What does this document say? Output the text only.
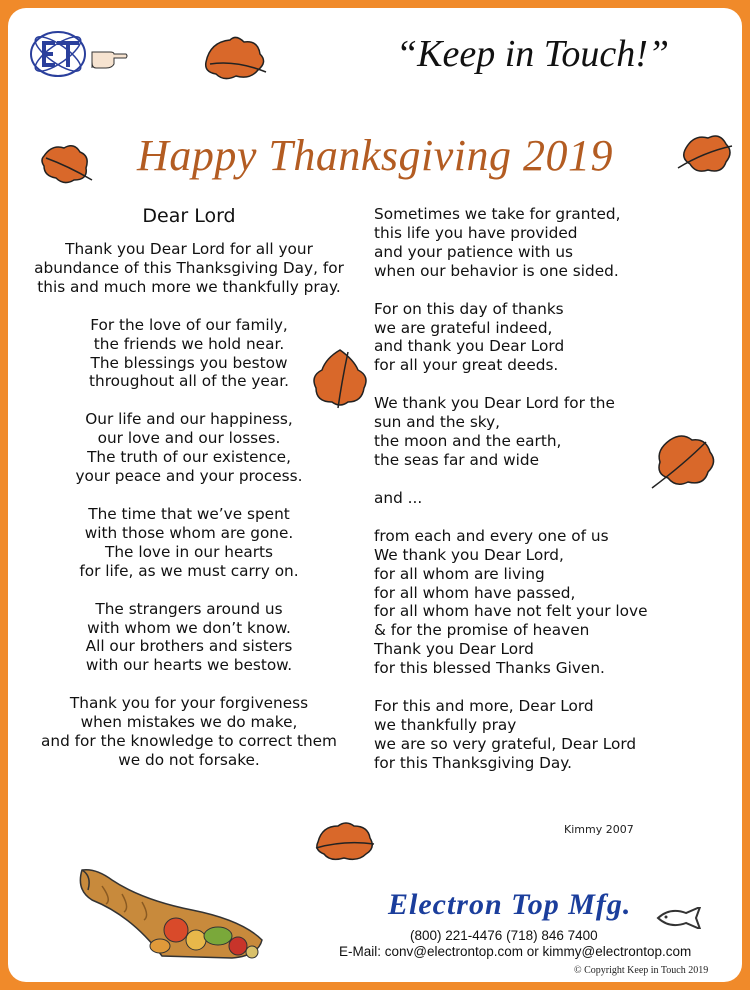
“Keep in Touch!”
Happy Thanksgiving 2019
Dear Lord
Thank you Dear Lord for all your
abundance of this Thanksgiving Day, for
this and much more we thankfully pray.
For the love of our family,
the friends we hold near.
The blessings you bestow
throughout all of the year.
Our life and our happiness,
our love and our losses.
The truth of our existence,
your peace and your process.
The time that we’ve spent
with those whom are gone.
The love in our hearts
for life, as we must carry on.
The strangers around us
with whom we don’t know.
All our brothers and sisters
with our hearts we bestow.
Thank you for your forgiveness
when mistakes we do make,
and for the knowledge to correct them
we do not forsake.
Sometimes we take for granted,
this life you have provided
and your patience with us
when our behavior is one sided.
For on this day of thanks
we are grateful indeed,
and thank you Dear Lord
for all your great deeds.
We thank you Dear Lord for the
sun and the sky,
the moon and the earth,
the seas far and wide
and ...
from each and every one of us
We thank you Dear Lord,
for all whom are living
for all whom have passed,
for all whom have not felt your love
& for the promise of heaven
Thank you Dear Lord
for this blessed Thanks Given.
For this and more, Dear Lord
we thankfully pray
we are so very grateful, Dear Lord
for this Thanksgiving Day.
Kimmy 2007
Electron Top Mfg.
(800) 221-4476 (718) 846 7400
E-Mail: conv@electrontop.com or kimmy@electrontop.com
© Copyright Keep in Touch 2019
